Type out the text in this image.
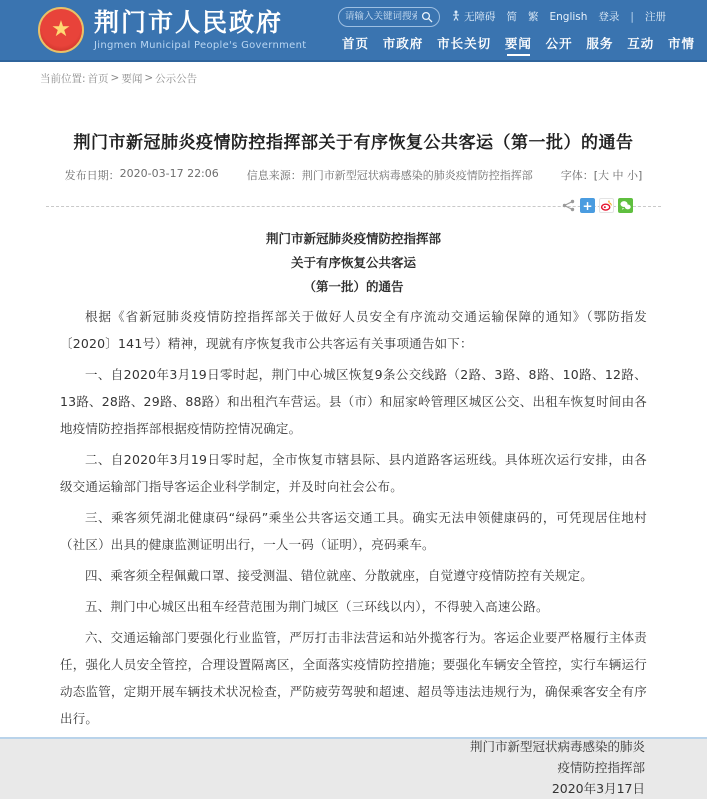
★ 荆门市人民政府
Jingmen Municipal People's Government
请输入关键词搜索
无障碍 简 繁 English 登录 | 注册
首页 市政府 市长关切 要闻 公开 服务 互动 市情
当前位置: 首页 > 要闻 > 公示公告
荆门市新冠肺炎疫情防控指挥部关于有序恢复公共客运（第一批）的通告
发布日期： 2020-03-17 22:06	信息来源： 荆门市新型冠状病毒感染的肺炎疫情防控指挥部	字体： [大 中 小]
+
荆门市新冠肺炎疫情防控指挥部
关于有序恢复公共客运
（第一批）的通告

根据《省新冠肺炎疫情防控指挥部关于做好人员安全有序流动交通运输保障的通知》（鄂防指发〔2020〕141号）精神，现就有序恢复我市公共客运有关事项通告如下：

一、自2020年3月19日零时起，荆门中心城区恢复9条公交线路（2路、3路、8路、10路、12路、13路、28路、29路、88路）和出租汽车营运。县（市）和屈家岭管理区城区公交、出租车恢复时间由各地疫情防控指挥部根据疫情防控情况确定。

二、自2020年3月19日零时起，全市恢复市辖县际、县内道路客运班线。具体班次运行安排，由各级交通运输部门指导客运企业科学制定，并及时向社会公布。

三、乘客须凭湖北健康码“绿码”乘坐公共客运交通工具。确实无法申领健康码的，可凭现居住地村（社区）出具的健康监测证明出行，一人一码（证明），亮码乘车。

四、乘客须全程佩戴口罩、接受测温、错位就座、分散就座，自觉遵守疫情防控有关规定。

五、荆门中心城区出租车经营范围为荆门城区（三环线以内），不得驶入高速公路。

六、交通运输部门要强化行业监管，严厉打击非法营运和站外揽客行为。客运企业要严格履行主体责任，强化人员安全管控，合理设置隔离区，全面落实疫情防控措施；要强化车辆安全管控，实行车辆运行动态监管，定期开展车辆技术状况检查，严防疲劳驾驶和超速、超员等违法违规行为，确保乘客安全有序出行。

荆门市新型冠状病毒感染的肺炎
疫情防控指挥部
2020年3月17日
